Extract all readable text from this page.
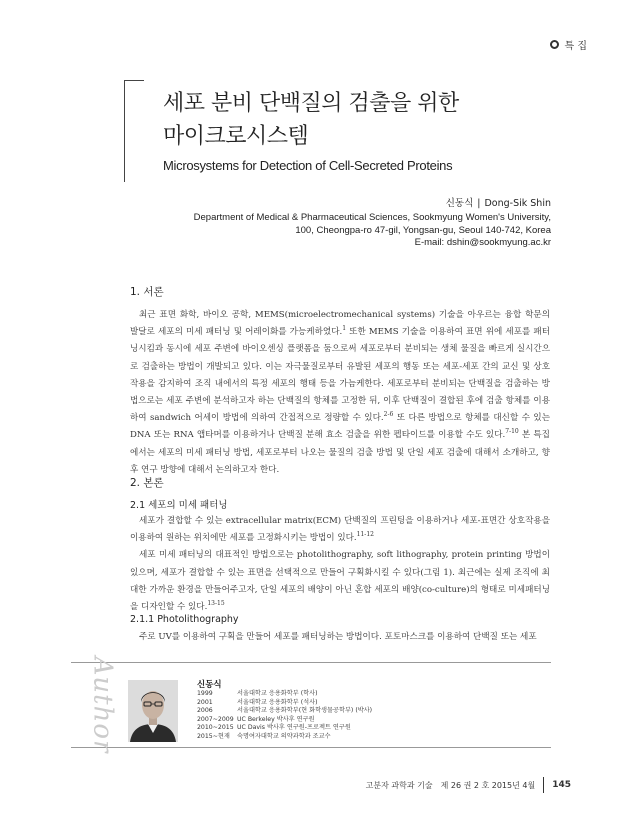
특 집
세포 분비 단백질의 검출을 위한
마이크로시스템
Microsystems for Detection of Cell-Secreted Proteins
신동식 | Dong-Sik Shin
Department of Medical & Pharmaceutical Sciences, Sookmyung Women's University,
100, Cheongpa-ro 47-gil, Yongsan-gu, Seoul 140-742, Korea
E-mail: dshin@sookmyung.ac.kr
1. 서론

최근 표면 화학, 바이오 공학, MEMS(microelectromechanical systems) 기술을 아우르는 융합 학문의 발달로 세포의 미세 패터닝 및 어레이화를 가능케하였다.$^1$ 또한 MEMS 기술을 이용하여 표면 위에 세포를 패터닝시킴과 동시에 세포 주변에 바이오센싱 플랫폼을 둠으로써 세포로부터 분비되는 생체 물질을 빠르게 실시간으로 검출하는 방법이 개발되고 있다. 이는 자극물질로부터 유발된 세포의 행동 또는 세포-세포 간의 교신 및 상호작용을 감지하여 조직 내에서의 특정 세포의 행태 등을 가늠케한다. 세포로부터 분비되는 단백질을 검출하는 방법으로는 세포 주변에 분석하고자 하는 단백질의 항체를 고정한 뒤, 이후 단백질이 결합된 후에 검출 항체를 이용하여 sandwich 어세이 방법에 의하여 간접적으로 정량할 수 있다.$^{2-6}$ 또 다른 방법으로 항체를 대신할 수 있는 DNA 또는 RNA 앱타머를 이용하거나 단백질 분해 효소 검출을 위한 펩타이드를 이용할 수도 있다.$^{7-10}$ 본 특집에서는 세포의 미세 패터닝 방법, 세포로부터 나오는 물질의 검출 방법 및 단일 세포 검출에 대해서 소개하고, 향후 연구 방향에 대해서 논의하고자 한다.

2. 본론
2.1 세포의 미세 패터닝

세포가 결합할 수 있는 extracellular matrix(ECM) 단백질의 프린팅을 이용하거나 세포-표면간 상호작용을 이용하여 원하는 위치에만 세포를 고정화시키는 방법이 있다.$^{11-12}$

세포 미세 패터닝의 대표적인 방법으로는 photolithography, soft lithography, protein printing 방법이 있으며, 세포가 결합할 수 있는 표면을 선택적으로 만들어 구획화시킬 수 있다(그림 1). 최근에는 실제 조직에 최대한 가까운 환경을 만들어주고자, 단일 세포의 배양이 아닌 혼합 세포의 배양(co-culture)의 형태로 미세패터닝을 디자인할 수 있다.$^{13-15}$

2.1.1 Photolithography

주로 UV를 이용하여 구획을 만들어 세포를 패터닝하는 방법이다. 포토마스크를 이용하여 단백질 또는 세포

Author	신동식
1999	서울대학교 응용화학부 (학사)
2001	서울대학교 응용화학부 (석사)
2006	서울대학교 응용화학부(현 화학생물공학부) (박사)
2007~2009 UC Berkeley 박사후 연구원
2010~2015 UC Davis 박사후 연구원-프로젝트 연구원
2015~현재 숙명여자대학교 의약과학과 조교수
고분자 과학과 기술 제 26 권 2 호 2015년 4월 145
